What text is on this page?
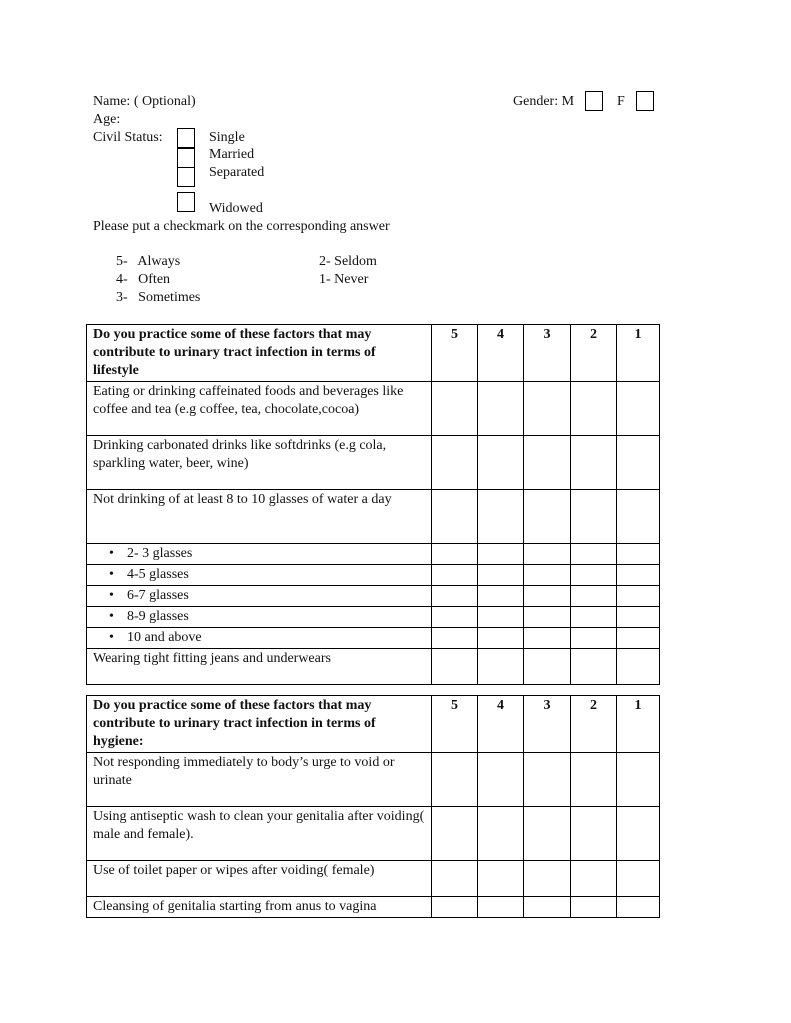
Name: ( Optional)	Gender: M	F
Age:
Civil Status:	Single
Married
Separated
Widowed
Please put a checkmark on the corresponding answer
5-   Always
4-   Often
3-   Sometimes
2- Seldom
1- Never
Do you practice some of these factors that may contribute to urinary tract infection in terms of lifestyle	5	4	3	2	1
Eating or drinking caffeinated foods and beverages like coffee and tea (e.g coffee, tea, chocolate,cocoa)					
Drinking carbonated drinks like softdrinks (e.g cola, sparkling water, beer, wine)					
Not drinking of at least 8 to 10 glasses of water a day					
• 2- 3 glasses					
• 4-5 glasses					
• 6-7 glasses					
• 8-9 glasses					
• 10 and above					
Wearing tight fitting jeans and underwears					
Do you practice some of these factors that may contribute to urinary tract infection in terms of hygiene:	5	4	3	2	1
Not responding immediately to body’s urge to void or urinate					
Using antiseptic wash to clean your genitalia after voiding( male and female).					
Use of toilet paper or wipes after voiding( female)					
Cleansing of genitalia starting from anus to vagina					
